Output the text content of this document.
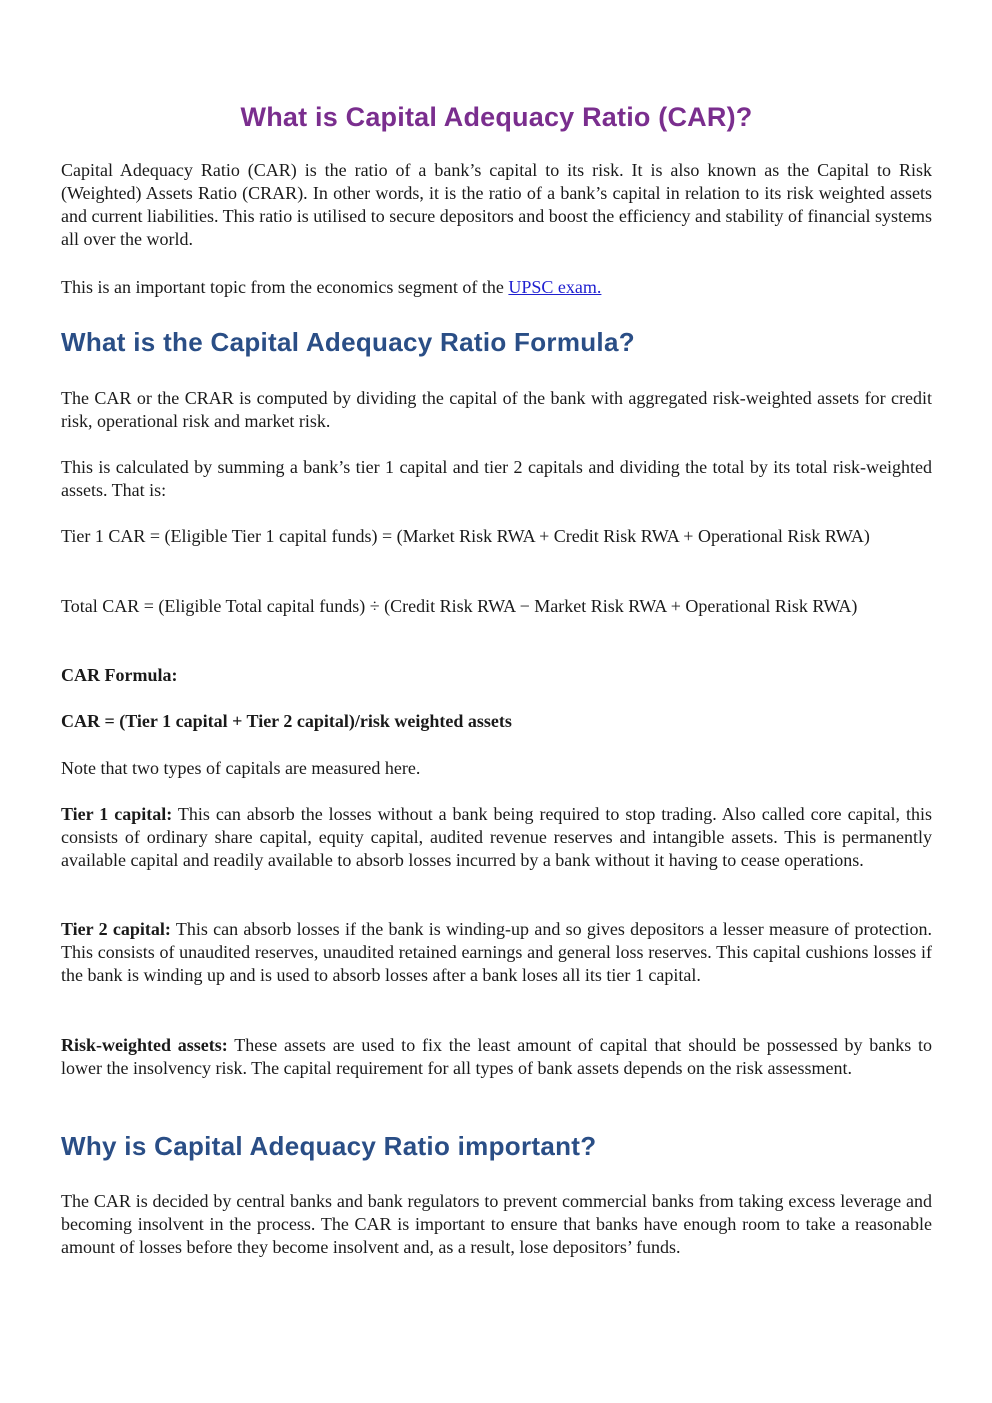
What is Capital Adequacy Ratio (CAR)?

Capital Adequacy Ratio (CAR) is the ratio of a bank’s capital to its risk. It is also known as the Capital to Risk (Weighted) Assets Ratio (CRAR). In other words, it is the ratio of a bank’s capital in relation to its risk weighted assets and current liabilities. This ratio is utilised to secure depositors and boost the efficiency and stability of financial systems all over the world.

This is an important topic from the economics segment of the UPSC exam.

What is the Capital Adequacy Ratio Formula?

The CAR or the CRAR is computed by dividing the capital of the bank with aggregated risk-weighted assets for credit risk, operational risk and market risk.

This is calculated by summing a bank’s tier 1 capital and tier 2 capitals and dividing the total by its total risk-weighted assets. That is:

Tier 1 CAR = (Eligible Tier 1 capital funds) = (Market Risk RWA + Credit Risk RWA + Operational Risk RWA)

Total CAR = (Eligible Total capital funds) ÷ (Credit Risk RWA − Market Risk RWA + Operational Risk RWA)

CAR Formula:

CAR = (Tier 1 capital + Tier 2 capital)/risk weighted assets

Note that two types of capitals are measured here.

Tier 1 capital: This can absorb the losses without a bank being required to stop trading. Also called core capital, this consists of ordinary share capital, equity capital, audited revenue reserves and intangible assets. This is permanently available capital and readily available to absorb losses incurred by a bank without it having to cease operations.

Tier 2 capital: This can absorb losses if the bank is winding-up and so gives depositors a lesser measure of protection. This consists of unaudited reserves, unaudited retained earnings and general loss reserves. This capital cushions losses if the bank is winding up and is used to absorb losses after a bank loses all its tier 1 capital.

Risk-weighted assets: These assets are used to fix the least amount of capital that should be possessed by banks to lower the insolvency risk. The capital requirement for all types of bank assets depends on the risk assessment.

Why is Capital Adequacy Ratio important?

The CAR is decided by central banks and bank regulators to prevent commercial banks from taking excess leverage and becoming insolvent in the process. The CAR is important to ensure that banks have enough room to take a reasonable amount of losses before they become insolvent and, as a result, lose depositors’ funds.
